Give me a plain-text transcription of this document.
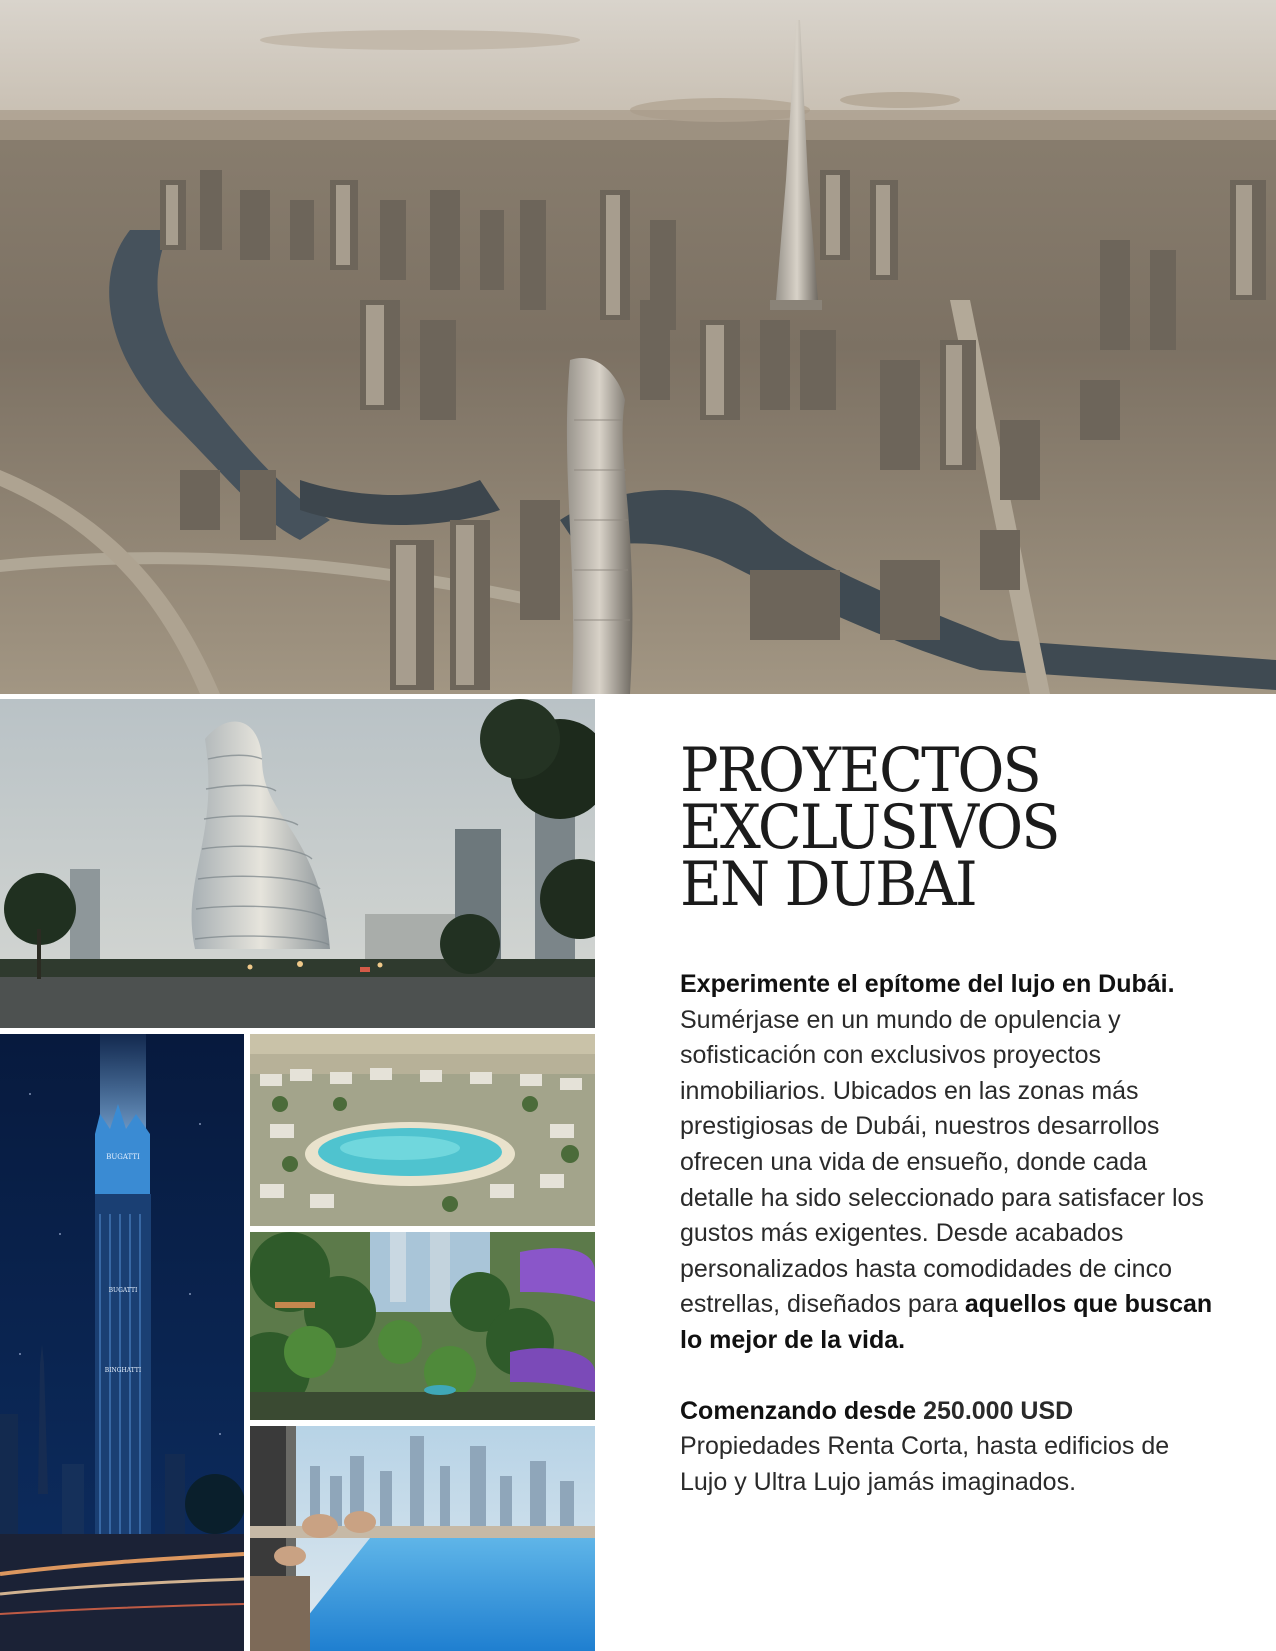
BUGATTI
BUGATTI
BINGHATTI
PROYECTOS
EXCLUSIVOS
EN DUBAI

Experimente el epítome del lujo en Dubái. Sumérjase en un mundo de opulencia y sofisticación con exclusivos proyectos inmobiliarios. Ubicados en las zonas más prestigiosas de Dubái, nuestros desarrollos ofrecen una vida de ensueño, donde cada detalle ha sido seleccionado para satisfacer los gustos más exigentes. Desde acabados personalizados hasta comodidades de cinco estrellas, diseñados para aquellos que buscan lo mejor de la vida.

Comenzando desde 250.000 USD
Propiedades Renta Corta, hasta edificios de Lujo y Ultra Lujo jamás imaginados.
